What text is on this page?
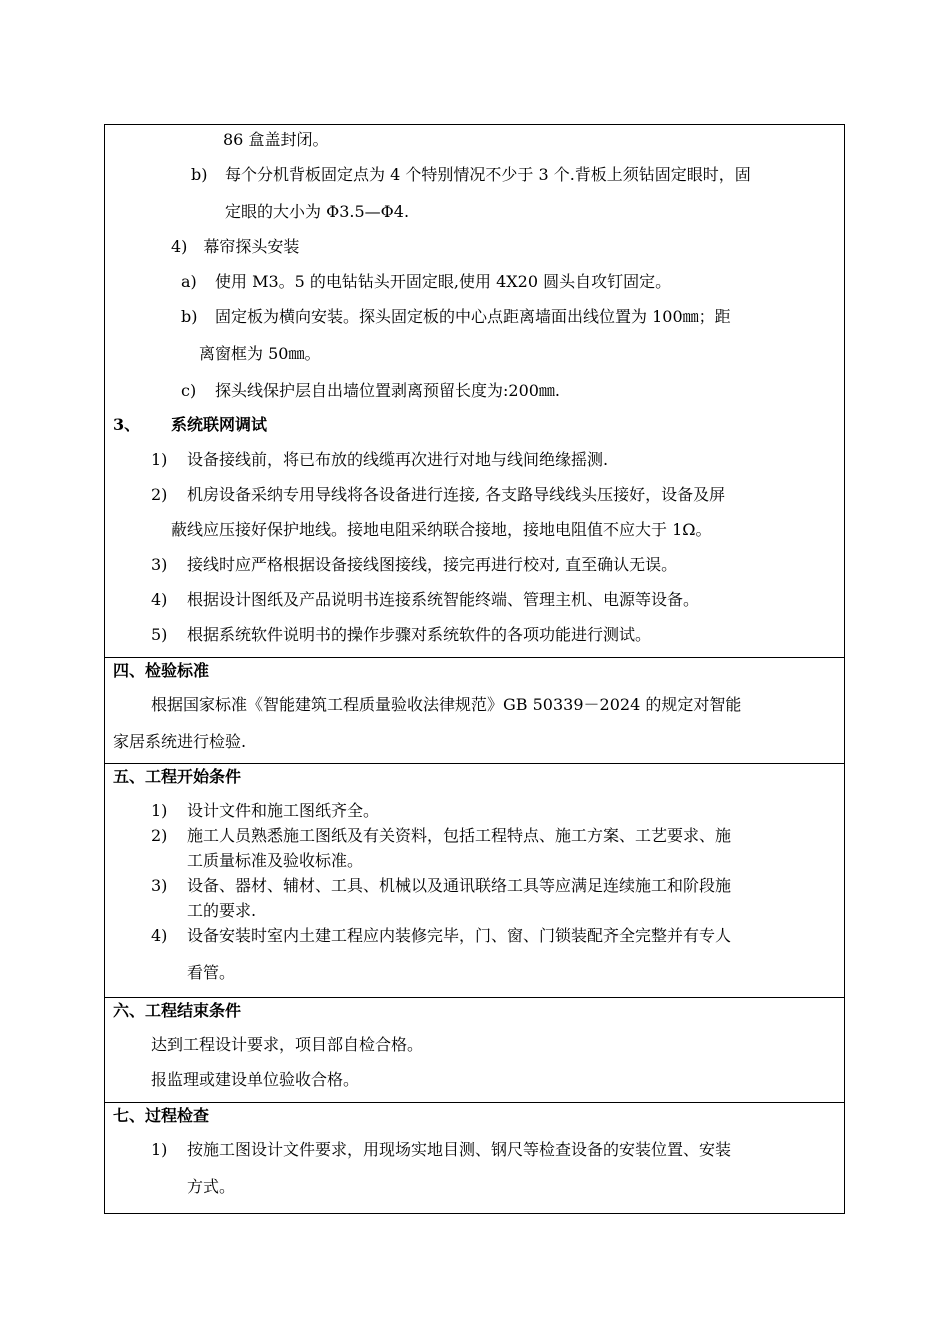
86 盒盖封闭。
b) 每个分机背板固定点为 4 个特别情况不少于 3 个.背板上须钻固定眼时，固
定眼的大小为 Φ3.5—Φ4.
4)　幕帘探头安装
a) 使用 M3。5 的电钻钻头开固定眼,使用 4X20 圆头自攻钉固定。
b) 固定板为横向安装。探头固定板的中心点距离墙面出线位置为 100㎜；距
离窗框为 50㎜。
c) 探头线保护层自出墙位置剥离预留长度为:200㎜.
3、 系统联网调试
1) 设备接线前，将已布放的线缆再次进行对地与线间绝缘摇测.
2) 机房设备采纳专用导线将各设备进行连接, 各支路导线线头压接好，设备及屏
蔽线应压接好保护地线。接地电阻采纳联合接地，接地电阻值不应大于 1Ω。
3) 接线时应严格根据设备接线图接线，接完再进行校对, 直至确认无误。
4) 根据设计图纸及产品说明书连接系统智能终端、管理主机、电源等设备。
5) 根据系统软件说明书的操作步骤对系统软件的各项功能进行测试。
四、检验标准
根据国家标准《智能建筑工程质量验收法律规范》GB 50339－2024 的规定对智能
家居系统进行检验.
五、工程开始条件
1) 设计文件和施工图纸齐全。
2) 施工人员熟悉施工图纸及有关资料，包括工程特点、施工方案、工艺要求、施
工质量标准及验收标准。
3) 设备、器材、辅材、工具、机械以及通讯联络工具等应满足连续施工和阶段施
工的要求.
4) 设备安装时室内土建工程应内装修完毕，门、窗、门锁装配齐全完整并有专人
看管。
六、工程结束条件
达到工程设计要求，项目部自检合格。
报监理或建设单位验收合格。
七、过程检查
1) 按施工图设计文件要求，用现场实地目测、钢尺等检查设备的安装位置、安装
方式。
